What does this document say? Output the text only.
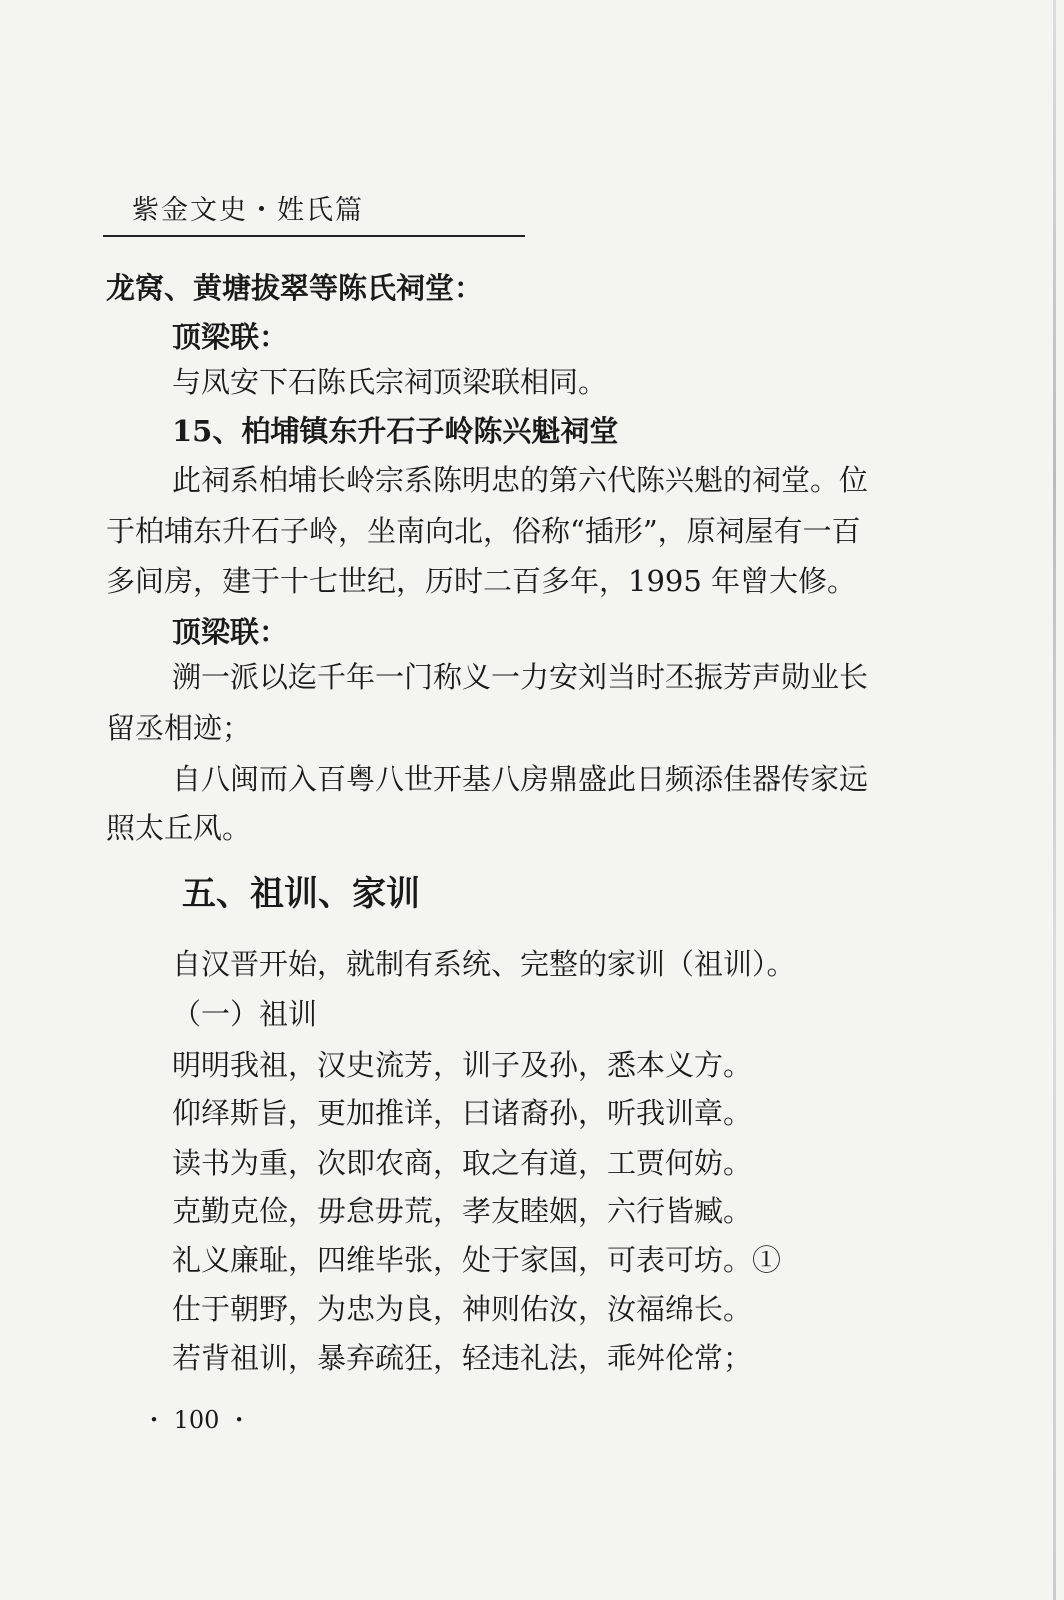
紫金文史・姓氏篇
龙窝、黄塘拔翠等陈氏祠堂：
顶梁联：
与凤安下石陈氏宗祠顶梁联相同。
15、柏埔镇东升石子岭陈兴魁祠堂
此祠系柏埔长岭宗系陈明忠的第六代陈兴魁的祠堂。位
于柏埔东升石子岭，坐南向北，俗称“插形”，原祠屋有一百
多间房，建于十七世纪，历时二百多年，1995 年曾大修。
顶梁联：
溯一派以迄千年一门称义一力安刘当时丕振芳声勋业长
留丞相迹；
自八闽而入百粤八世开基八房鼎盛此日频添佳器传家远
照太丘风。
五、祖训、家训
自汉晋开始，就制有系统、完整的家训（祖训）。
（一）祖训
明明我祖，汉史流芳，训子及孙，悉本义方。
仰绎斯旨，更加推详，曰诸裔孙，听我训章。
读书为重，次即农商，取之有道，工贾何妨。
克勤克俭，毋怠毋荒，孝友睦姻，六行皆臧。
礼义廉耻，四维毕张，处于家国，可表可坊。①
仕于朝野，为忠为良，神则佑汝，汝福绵长。
若背祖训，暴弃疏狂，轻违礼法，乖舛伦常；
・ 100 ・
